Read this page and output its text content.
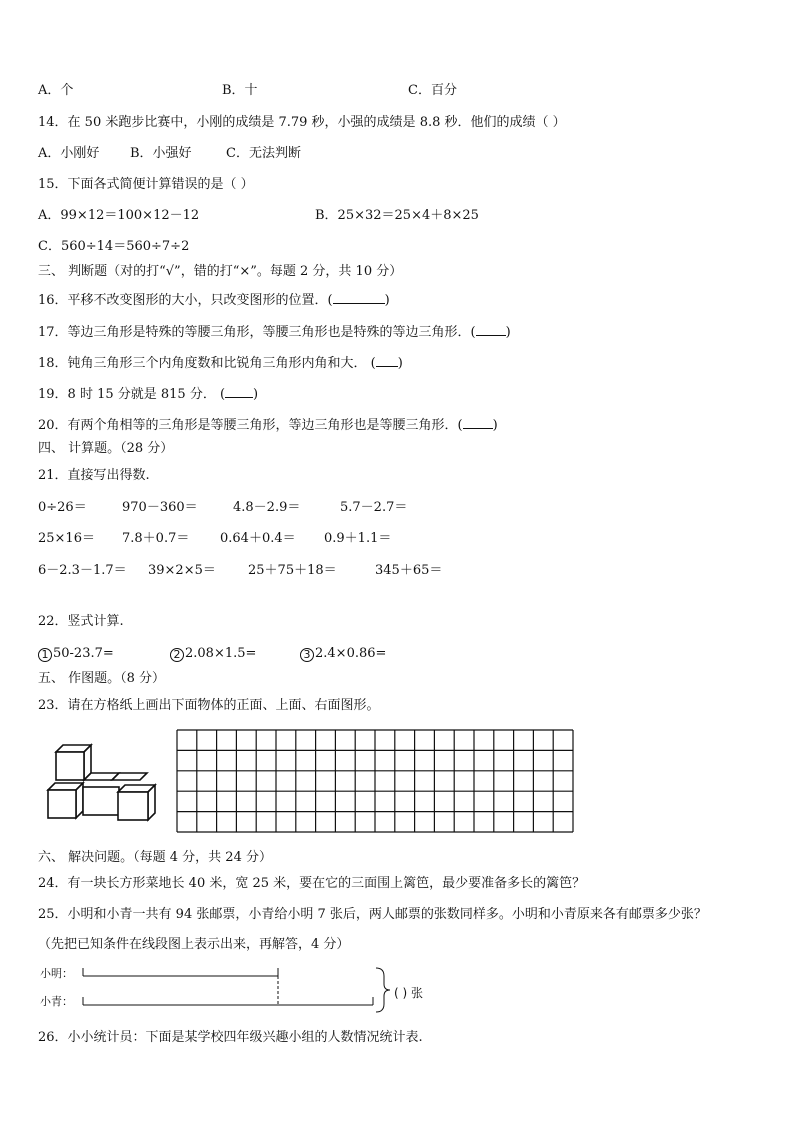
A．个	B．十	C．百分
14．在 50 米跑步比赛中，小刚的成绩是 7.79 秒，小强的成绩是 8.8 秒．他们的成绩（ ）
A．小刚好 B．小强好	C．无法判断
15．下面各式简便计算错误的是（ ）
A．99×12＝100×12－12	B．25×32＝25×4＋8×25
C．560÷14＝560÷7÷2
三、 判断题（对的打“√”，错的打“×”。每题 2 分，共 10 分）
16．平移不改变图形的大小，只改变图形的位置．(	)
17．等边三角形是特殊的等腰三角形，等腰三角形也是特殊的等边三角形．( )
18．钝角三角形三个内角度数和比锐角三角形内角和大． ( )
19．8 时 15 分就是 815 分． ( )
20．有两个角相等的三角形是等腰三角形，等边三角形也是等腰三角形．( )
四、 计算题。（28 分）
21．直接写出得数.
0÷26＝	970－360＝	4.8－2.9＝	5.7－2.7＝
25×16＝ 7.8＋0.7＝ 0.64＋0.4＝ 0.9＋1.1＝
6－2.3－1.7＝ 39×2×5＝ 25＋75＋18＝	345＋65＝
22．竖式计算.
1 50-23.7=	2 2.08×1.5=	3 2.4×0.86=
五、 作图题。（8 分）
23．请在方格纸上画出下面物体的正面、上面、右面图形。
六、 解决问题。（每题 4 分，共 24 分）
24．有一块长方形菜地长 40 米，宽 25 米，要在它的三面围上篱笆，最少要准备多长的篱笆？
25．小明和小青一共有 94 张邮票，小青给小明 7 张后，两人邮票的张数同样多。小明和小青原来各有邮票多少张？
（先把已知条件在线段图上表示出来，再解答，4 分）
小明：
小青：
( ) 张
26．小小统计员：下面是某学校四年级兴趣小组的人数情况统计表.
